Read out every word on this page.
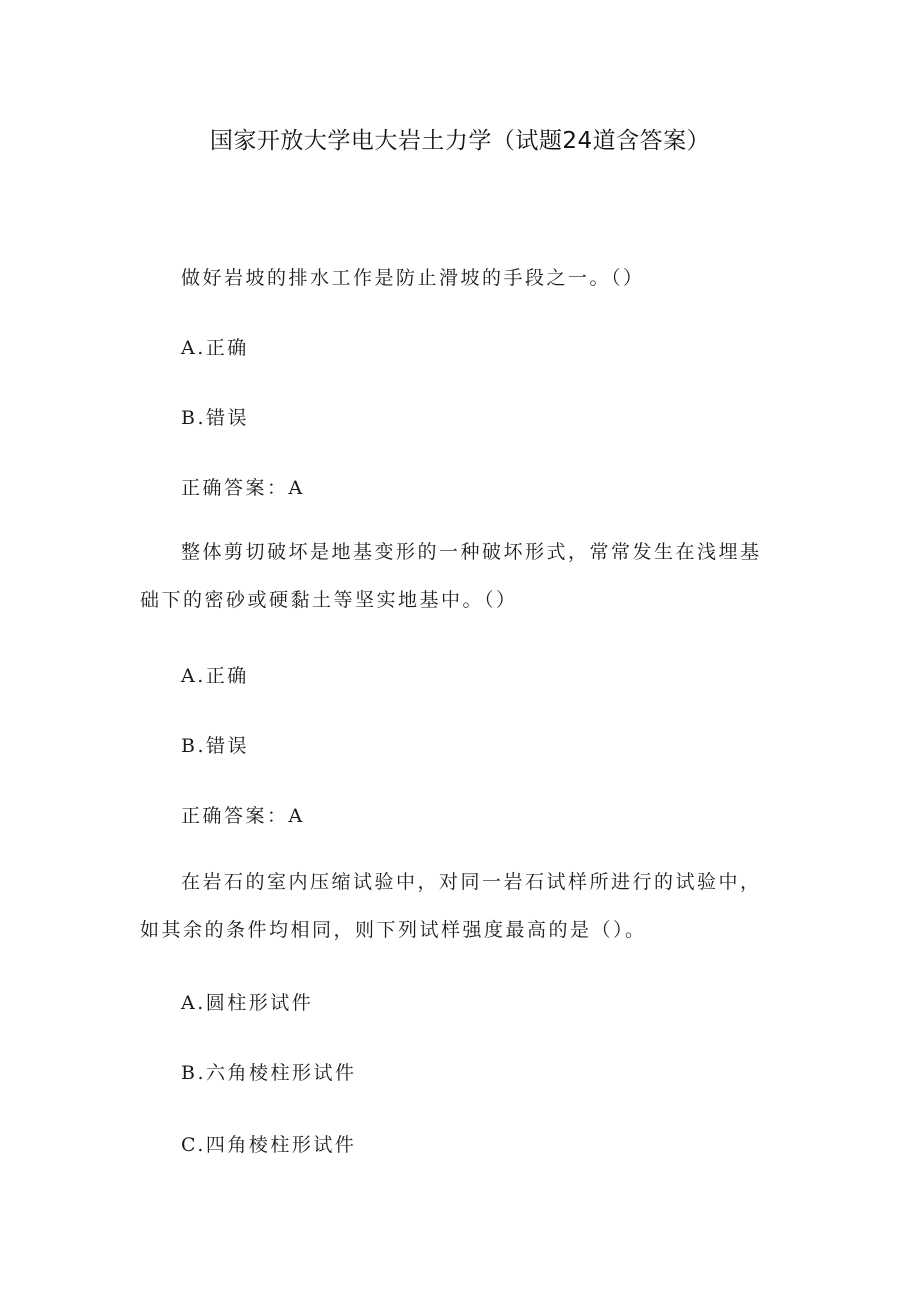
国家开放大学电大岩土力学（试题24道含答案）
做好岩坡的排水工作是防止滑坡的手段之一。（）
A.正确
B.错误
正确答案：A
整体剪切破坏是地基变形的一种破坏形式，常常发生在浅埋基础下的密砂或硬黏土等坚实地基中。（）
A.正确
B.错误
正确答案：A
在岩石的室内压缩试验中，对同一岩石试样所进行的试验中，如其余的条件均相同，则下列试样强度最高的是（）。
A.圆柱形试件
B.六角棱柱形试件
C.四角棱柱形试件
